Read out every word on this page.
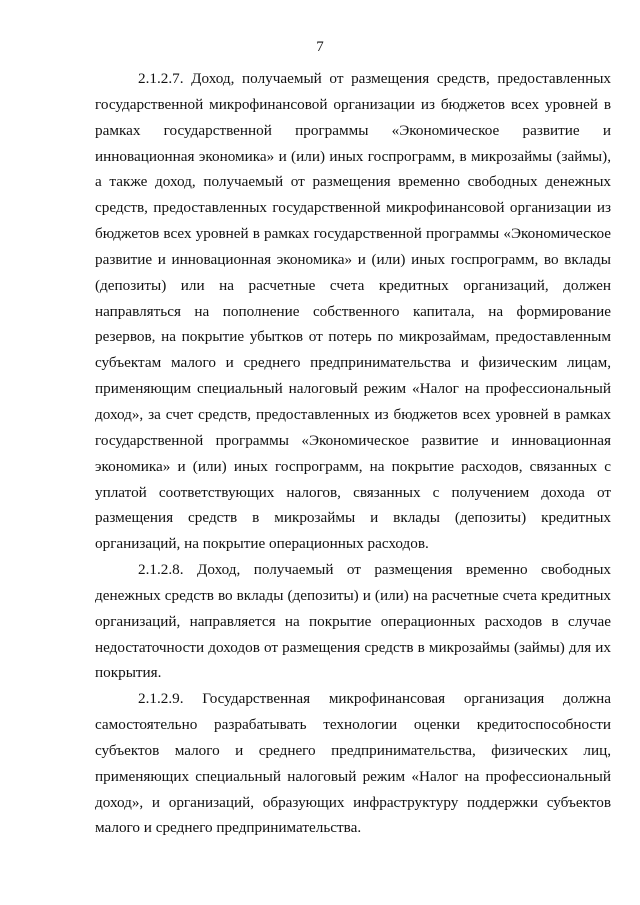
7

2.1.2.7. Доход, получаемый от размещения средств, предоставленных государственной микрофинансовой организации из бюджетов всех уровней в рамках государственной программы «Экономическое развитие и инновационная экономика» и (или) иных госпрограмм, в микрозаймы (займы), а также доход, получаемый от размещения временно свободных денежных средств, предоставленных государственной микрофинансовой организации из бюджетов всех уровней в рамках государственной программы «Экономическое развитие и инновационная экономика» и (или) иных госпрограмм, во вклады (депозиты) или на расчетные счета кредитных организаций, должен направляться на пополнение собственного капитала, на формирование резервов, на покрытие убытков от потерь по микрозаймам, предоставленным субъектам малого и среднего предпринимательства и физическим лицам, применяющим специальный налоговый режим «Налог на профессиональный доход», за счет средств, предоставленных из бюджетов всех уровней в рамках государственной программы «Экономическое развитие и инновационная экономика» и (или) иных госпрограмм, на покрытие расходов, связанных с уплатой соответствующих налогов, связанных с получением дохода от размещения средств в микрозаймы и вклады (депозиты) кредитных организаций, на покрытие операционных расходов.

2.1.2.8. Доход, получаемый от размещения временно свободных денежных средств во вклады (депозиты) и (или) на расчетные счета кредитных организаций, направляется на покрытие операционных расходов в случае недостаточности доходов от размещения средств в микрозаймы (займы) для их покрытия.

2.1.2.9. Государственная микрофинансовая организация должна самостоятельно разрабатывать технологии оценки кредитоспособности субъектов малого и среднего предпринимательства, физических лиц, применяющих специальный налоговый режим «Налог на профессиональный доход», и организаций, образующих инфраструктуру поддержки субъектов малого и среднего предпринимательства.
